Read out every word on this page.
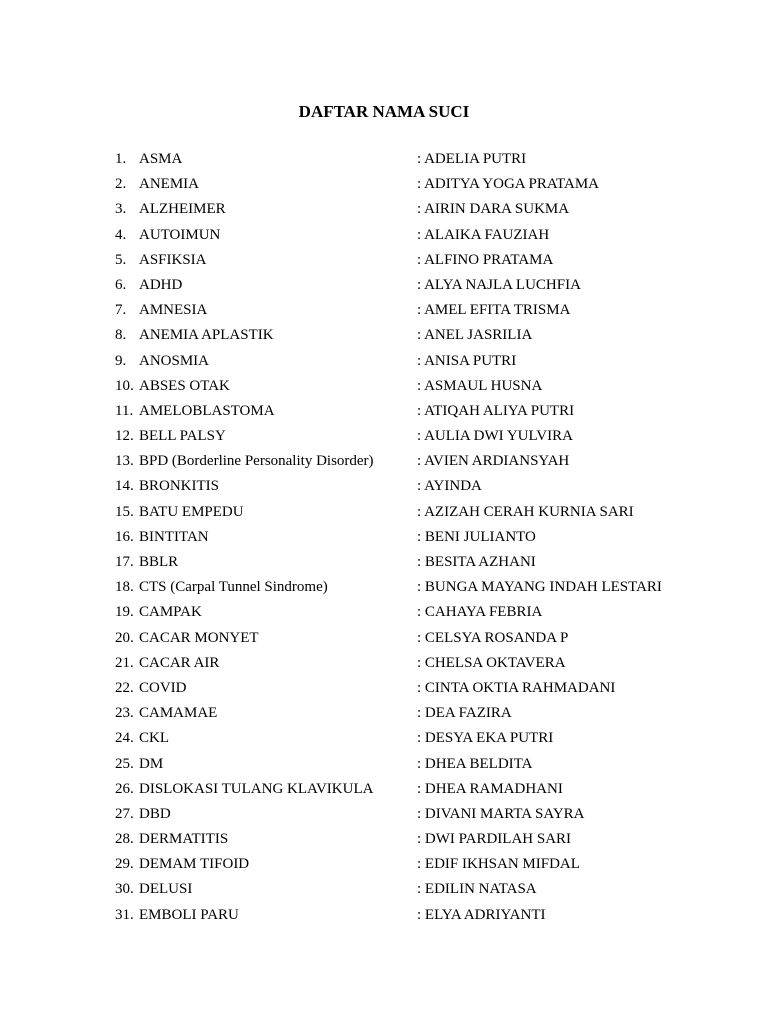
DAFTAR NAMA SUCI
1. ASMA	: ADELIA PUTRI
2. ANEMIA	: ADITYA YOGA PRATAMA
3. ALZHEIMER	: AIRIN DARA SUKMA
4. AUTOIMUN	: ALAIKA FAUZIAH
5. ASFIKSIA	: ALFINO PRATAMA
6. ADHD	: ALYA NAJLA LUCHFIA
7. AMNESIA	: AMEL EFITA TRISMA
8. ANEMIA APLASTIK	: ANEL JASRILIA
9. ANOSMIA	: ANISA PUTRI
10. ABSES OTAK	: ASMAUL HUSNA
11. AMELOBLASTOMA	: ATIQAH ALIYA PUTRI
12. BELL PALSY	: AULIA DWI YULVIRA
13. BPD (Borderline Personality Disorder)	: AVIEN ARDIANSYAH
14. BRONKITIS	: AYINDA
15. BATU EMPEDU	: AZIZAH CERAH KURNIA SARI
16. BINTITAN	: BENI JULIANTO
17. BBLR	: BESITA AZHANI
18. CTS (Carpal Tunnel Sindrome)	: BUNGA MAYANG INDAH LESTARI
19. CAMPAK	: CAHAYA FEBRIA
20. CACAR MONYET	: CELSYA ROSANDA P
21. CACAR AIR	: CHELSA OKTAVERA
22. COVID	: CINTA OKTIA RAHMADANI
23. CAMAMAE	: DEA FAZIRA
24. CKL	: DESYA EKA PUTRI
25. DM	: DHEA BELDITA
26. DISLOKASI TULANG KLAVIKULA	: DHEA RAMADHANI
27. DBD	: DIVANI MARTA SAYRA
28. DERMATITIS	: DWI PARDILAH SARI
29. DEMAM TIFOID	: EDIF IKHSAN MIFDAL
30. DELUSI	: EDILIN NATASA
31. EMBOLI PARU	: ELYA ADRIYANTI
